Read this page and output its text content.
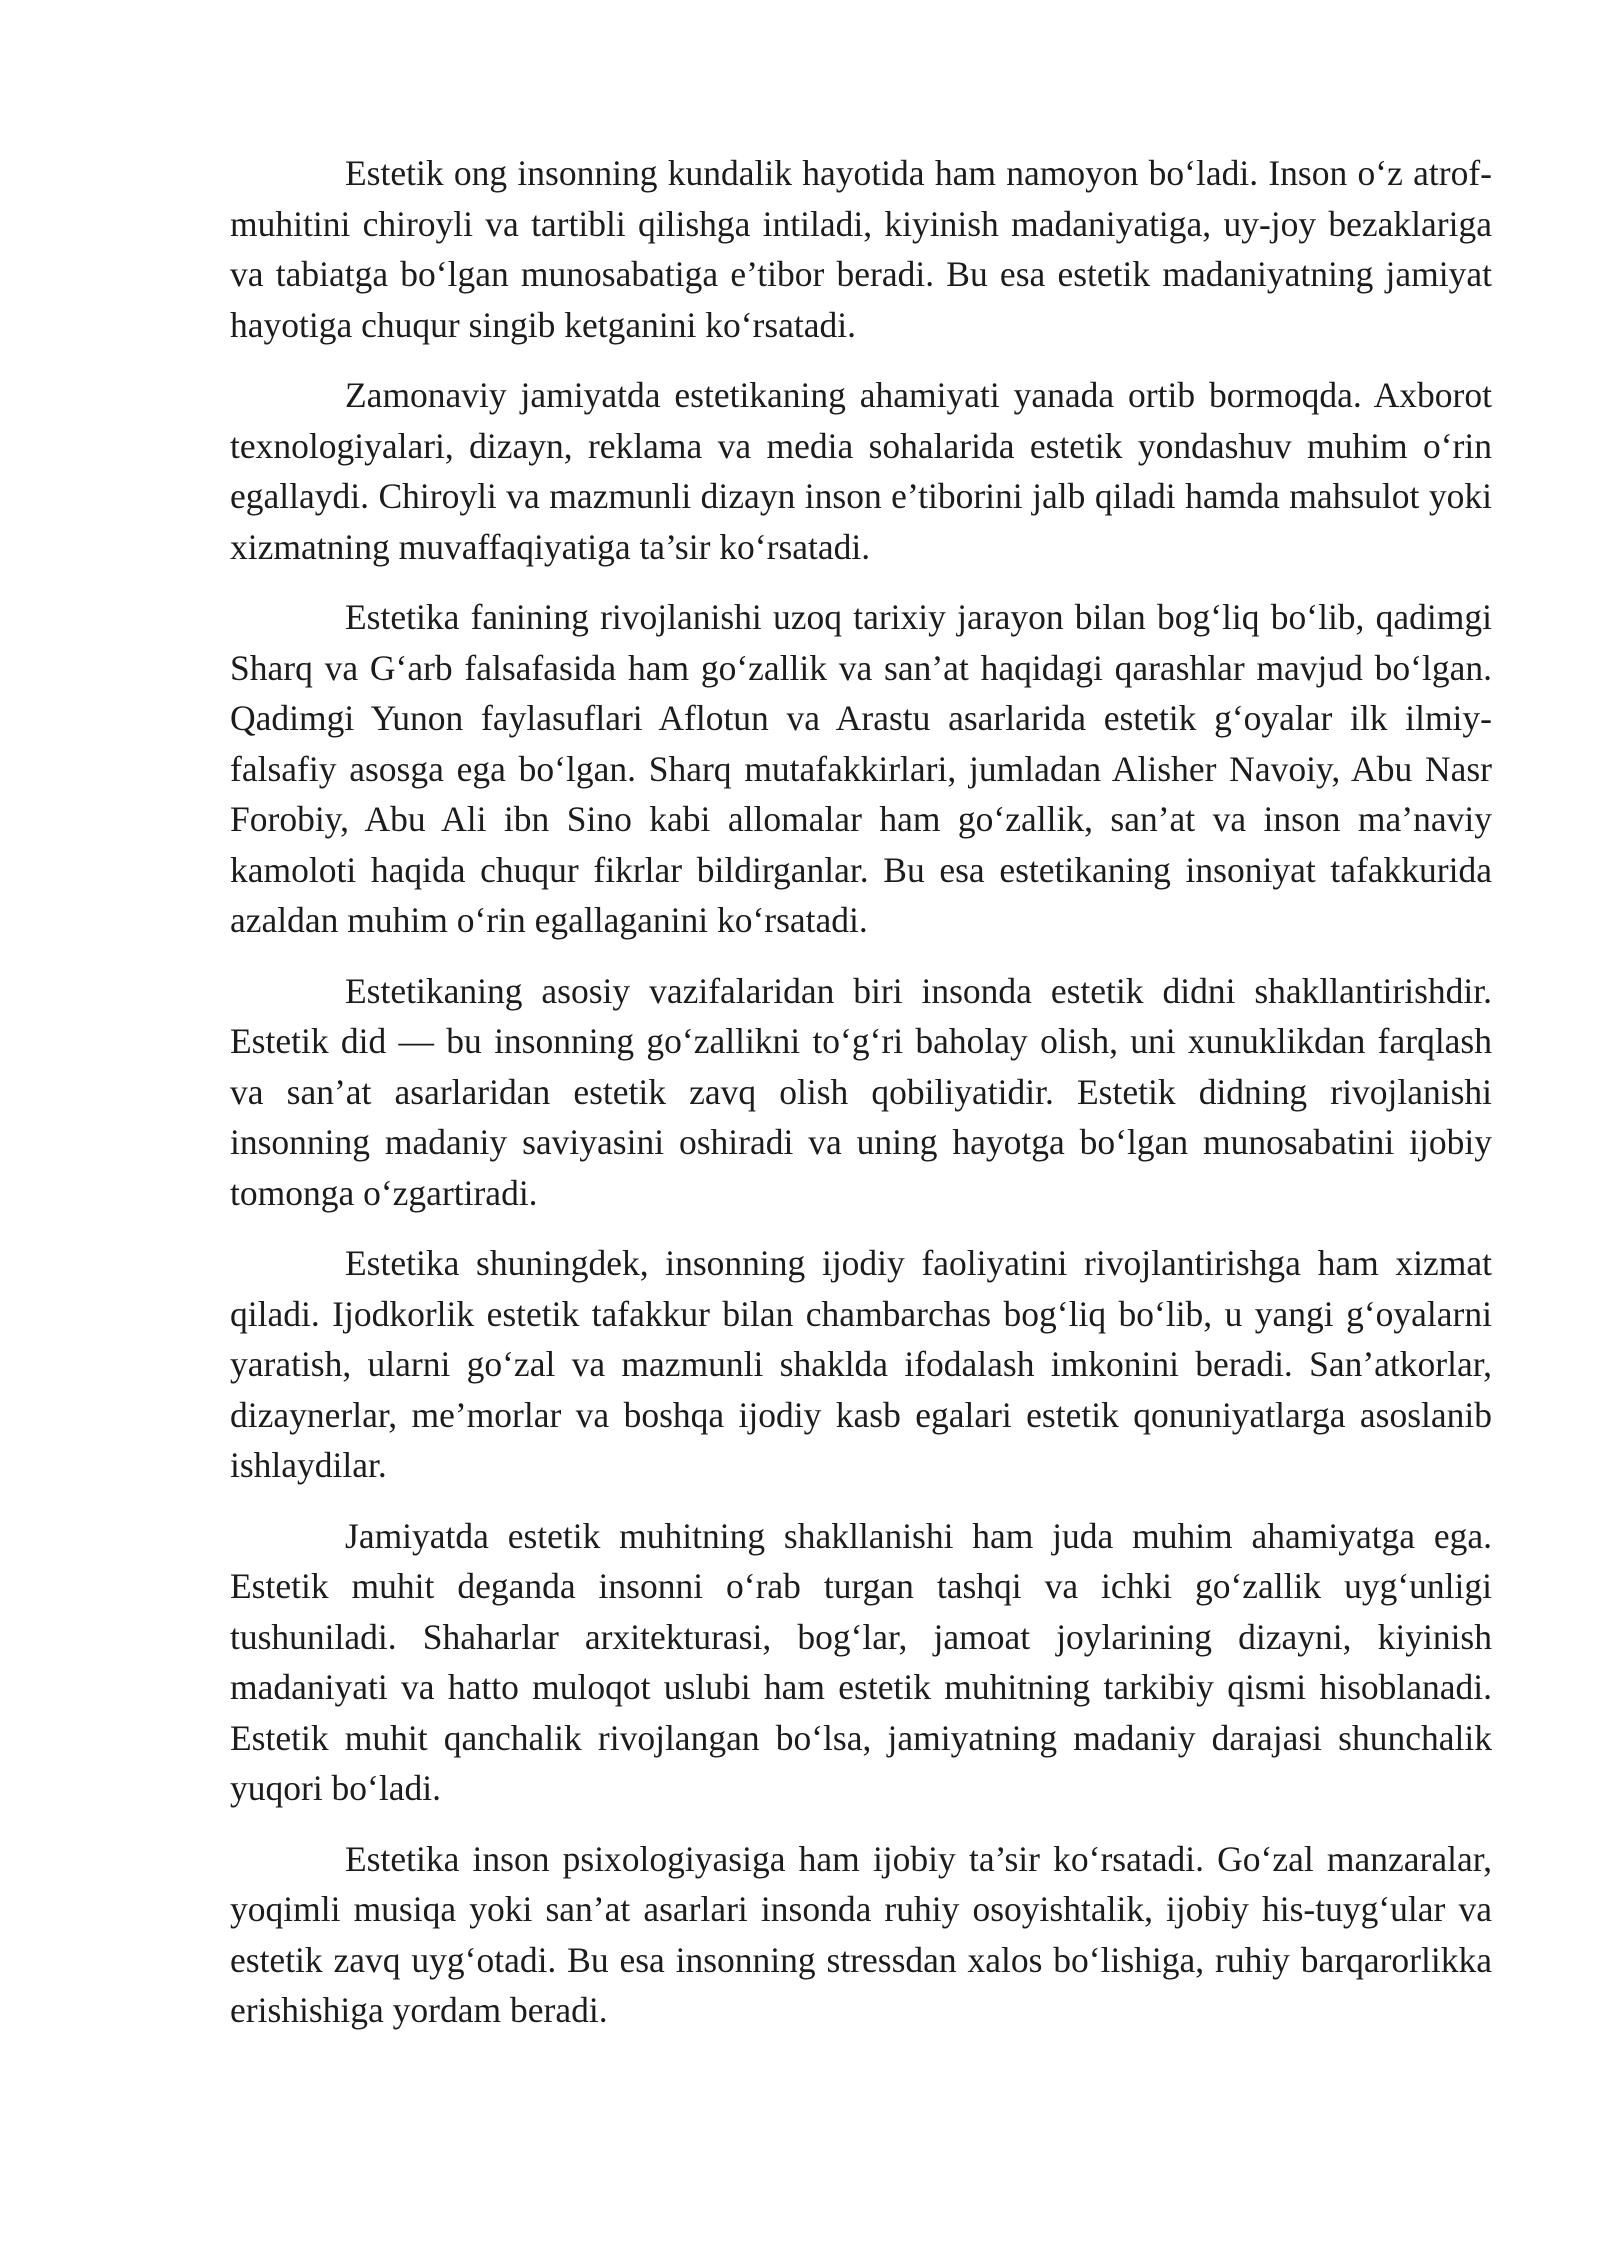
Estetik ong insonning kundalik hayotida ham namoyon bo‘ladi. Inson o‘z atrof-muhitini chiroyli va tartibli qilishga intiladi, kiyinish madaniyatiga, uy-joy bezaklariga va tabiatga bo‘lgan munosabatiga e’tibor beradi. Bu esa estetik madaniyatning jamiyat hayotiga chuqur singib ketganini ko‘rsatadi.

Zamonaviy jamiyatda estetikaning ahamiyati yanada ortib bormoqda. Axborot texnologiyalari, dizayn, reklama va media sohalarida estetik yondashuv muhim o‘rin egallaydi. Chiroyli va mazmunli dizayn inson e’tiborini jalb qiladi hamda mahsulot yoki xizmatning muvaffaqiyatiga ta’sir ko‘rsatadi.

Estetika fanining rivojlanishi uzoq tarixiy jarayon bilan bog‘liq bo‘lib, qadimgi Sharq va G‘arb falsafasida ham go‘zallik va san’at haqidagi qarashlar mavjud bo‘lgan. Qadimgi Yunon faylasuflari Aflotun va Arastu asarlarida estetik g‘oyalar ilk ilmiy-falsafiy asosga ega bo‘lgan. Sharq mutafakkirlari, jumladan Alisher Navoiy, Abu Nasr Forobiy, Abu Ali ibn Sino kabi allomalar ham go‘zallik, san’at va inson ma’naviy kamoloti haqida chuqur fikrlar bildirganlar. Bu esa estetikaning insoniyat tafakkurida azaldan muhim o‘rin egallaganini ko‘rsatadi.

Estetikaning asosiy vazifalaridan biri insonda estetik didni shakllantirishdir. Estetik did — bu insonning go‘zallikni to‘g‘ri baholay olish, uni xunuklikdan farqlash va san’at asarlaridan estetik zavq olish qobiliyatidir. Estetik didning rivojlanishi insonning madaniy saviyasini oshiradi va uning hayotga bo‘lgan munosabatini ijobiy tomonga o‘zgartiradi.

Estetika shuningdek, insonning ijodiy faoliyatini rivojlantirishga ham xizmat qiladi. Ijodkorlik estetik tafakkur bilan chambarchas bog‘liq bo‘lib, u yangi g‘oyalarni yaratish, ularni go‘zal va mazmunli shaklda ifodalash imkonini beradi. San’atkorlar, dizaynerlar, me’morlar va boshqa ijodiy kasb egalari estetik qonuniyatlarga asoslanib ishlaydilar.

Jamiyatda estetik muhitning shakllanishi ham juda muhim ahamiyatga ega. Estetik muhit deganda insonni o‘rab turgan tashqi va ichki go‘zallik uyg‘unligi tushuniladi. Shaharlar arxitekturasi, bog‘lar, jamoat joylarining dizayni, kiyinish madaniyati va hatto muloqot uslubi ham estetik muhitning tarkibiy qismi hisoblanadi. Estetik muhit qanchalik rivojlangan bo‘lsa, jamiyatning madaniy darajasi shunchalik yuqori bo‘ladi.

Estetika inson psixologiyasiga ham ijobiy ta’sir ko‘rsatadi. Go‘zal manzaralar, yoqimli musiqa yoki san’at asarlari insonda ruhiy osoyishtalik, ijobiy his-tuyg‘ular va estetik zavq uyg‘otadi. Bu esa insonning stressdan xalos bo‘lishiga, ruhiy barqarorlikka erishishiga yordam beradi.
